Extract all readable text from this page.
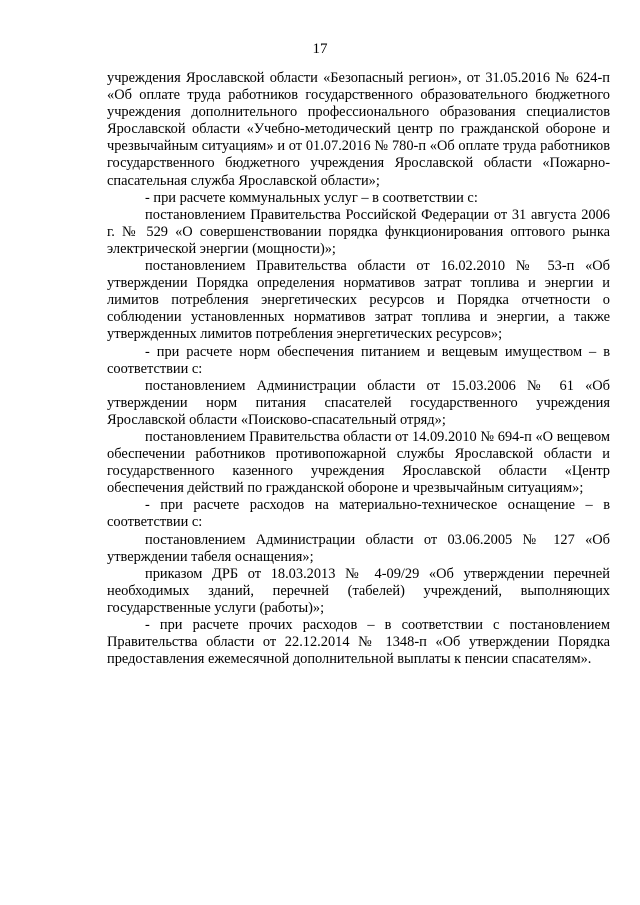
17

учреждения Ярославской области «Безопасный регион», от 31.05.2016 № 624-п «Об оплате труда работников государственного образовательного бюджетного учреждения дополнительного профессионального образования специалистов Ярославской области «Учебно-методический центр по гражданской обороне и чрезвычайным ситуациям» и от 01.07.2016 № 780-п «Об оплате труда работников государственного бюджетного учреждения Ярославской области «Пожарно-спасательная служба Ярославской области»;

- при расчете коммунальных услуг – в соответствии с:

постановлением Правительства Российской Федерации от 31 августа 2006 г. № 529 «О совершенствовании порядка функционирования оптового рынка электрической энергии (мощности)»;

постановлением Правительства области от 16.02.2010 № 53-п «Об утверждении Порядка определения нормативов затрат топлива и энергии и лимитов потребления энергетических ресурсов и Порядка отчетности о соблюдении установленных нормативов затрат топлива и энергии, а также утвержденных лимитов потребления энергетических ресурсов»;

- при расчете норм обеспечения питанием и вещевым имуществом – в соответствии с:

постановлением Администрации области от 15.03.2006 № 61 «Об утверждении норм питания спасателей государственного учреждения Ярославской области «Поисково-спасательный отряд»;

постановлением Правительства области от 14.09.2010 № 694-п «О вещевом обеспечении работников противопожарной службы Ярославской области и государственного казенного учреждения Ярославской области «Центр обеспечения действий по гражданской обороне и чрезвычайным ситуациям»;

- при расчете расходов на материально-техническое оснащение – в соответствии с:

постановлением Администрации области от 03.06.2005 № 127 «Об утверждении табеля оснащения»;

приказом ДРБ от 18.03.2013 № 4-09/29 «Об утверждении перечней необходимых зданий, перечней (табелей) учреждений, выполняющих государственные услуги (работы)»;

- при расчете прочих расходов – в соответствии с постановлением Правительства области от 22.12.2014 № 1348-п «Об утверждении Порядка предоставления ежемесячной дополнительной выплаты к пенсии спасателям».
